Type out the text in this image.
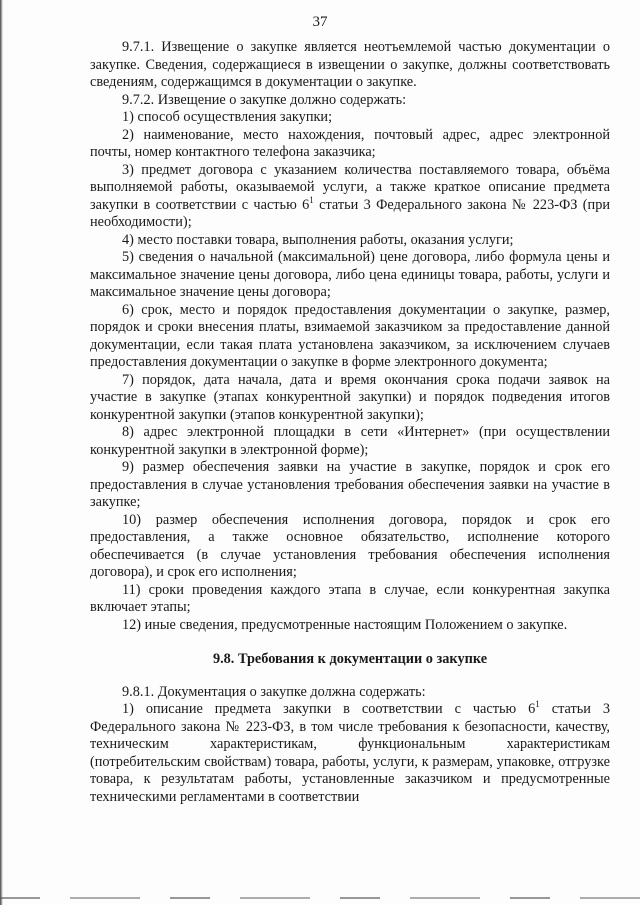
37

9.7.1. Извещение о закупке является неотъемлемой частью документации о закупке. Сведения, содержащиеся в извещении о закупке, должны соответствовать сведениям, содержащимся в документации о закупке.

9.7.2. Извещение о закупке должно содержать:

1) способ осуществления закупки;

2) наименование, место нахождения, почтовый адрес, адрес электронной почты, номер контактного телефона заказчика;

3) предмет договора с указанием количества поставляемого товара, объёма выполняемой работы, оказываемой услуги, а также краткое описание предмета закупки в соответствии с частью $6^1$ статьи 3 Федерального закона № 223-ФЗ (при необходимости);

4) место поставки товара, выполнения работы, оказания услуги;

5) сведения о начальной (максимальной) цене договора, либо формула цены и максимальное значение цены договора, либо цена единицы товара, работы, услуги и максимальное значение цены договора;

6) срок, место и порядок предоставления документации о закупке, размер, порядок и сроки внесения платы, взимаемой заказчиком за предоставление данной документации, если такая плата установлена заказчиком, за исключением случаев предоставления документации о закупке в форме электронного документа;

7) порядок, дата начала, дата и время окончания срока подачи заявок на участие в закупке (этапах конкурентной закупки) и порядок подведения итогов конкурентной закупки (этапов конкурентной закупки);

8) адрес электронной площадки в сети «Интернет» (при осуществлении конкурентной закупки в электронной форме);

9) размер обеспечения заявки на участие в закупке, порядок и срок его предоставления в случае установления требования обеспечения заявки на участие в закупке;

10) размер обеспечения исполнения договора, порядок и срок его предоставления, а также основное обязательство, исполнение которого обеспечивается (в случае установления требования обеспечения исполнения договора), и срок его исполнения;

11) сроки проведения каждого этапа в случае, если конкурентная закупка включает этапы;

12) иные сведения, предусмотренные настоящим Положением о закупке.

9.8. Требования к документации о закупке

9.8.1. Документация о закупке должна содержать:

1) описание предмета закупки в соответствии с частью $6^1$ статьи 3 Федерального закона № 223-ФЗ, в том числе требования к безопасности, качеству, техническим характеристикам, функциональным характеристикам (потребительским свойствам) товара, работы, услуги, к размерам, упаковке, отгрузке товара, к результатам работы, установленные заказчиком и предусмотренные техническими регламентами в соответствии
